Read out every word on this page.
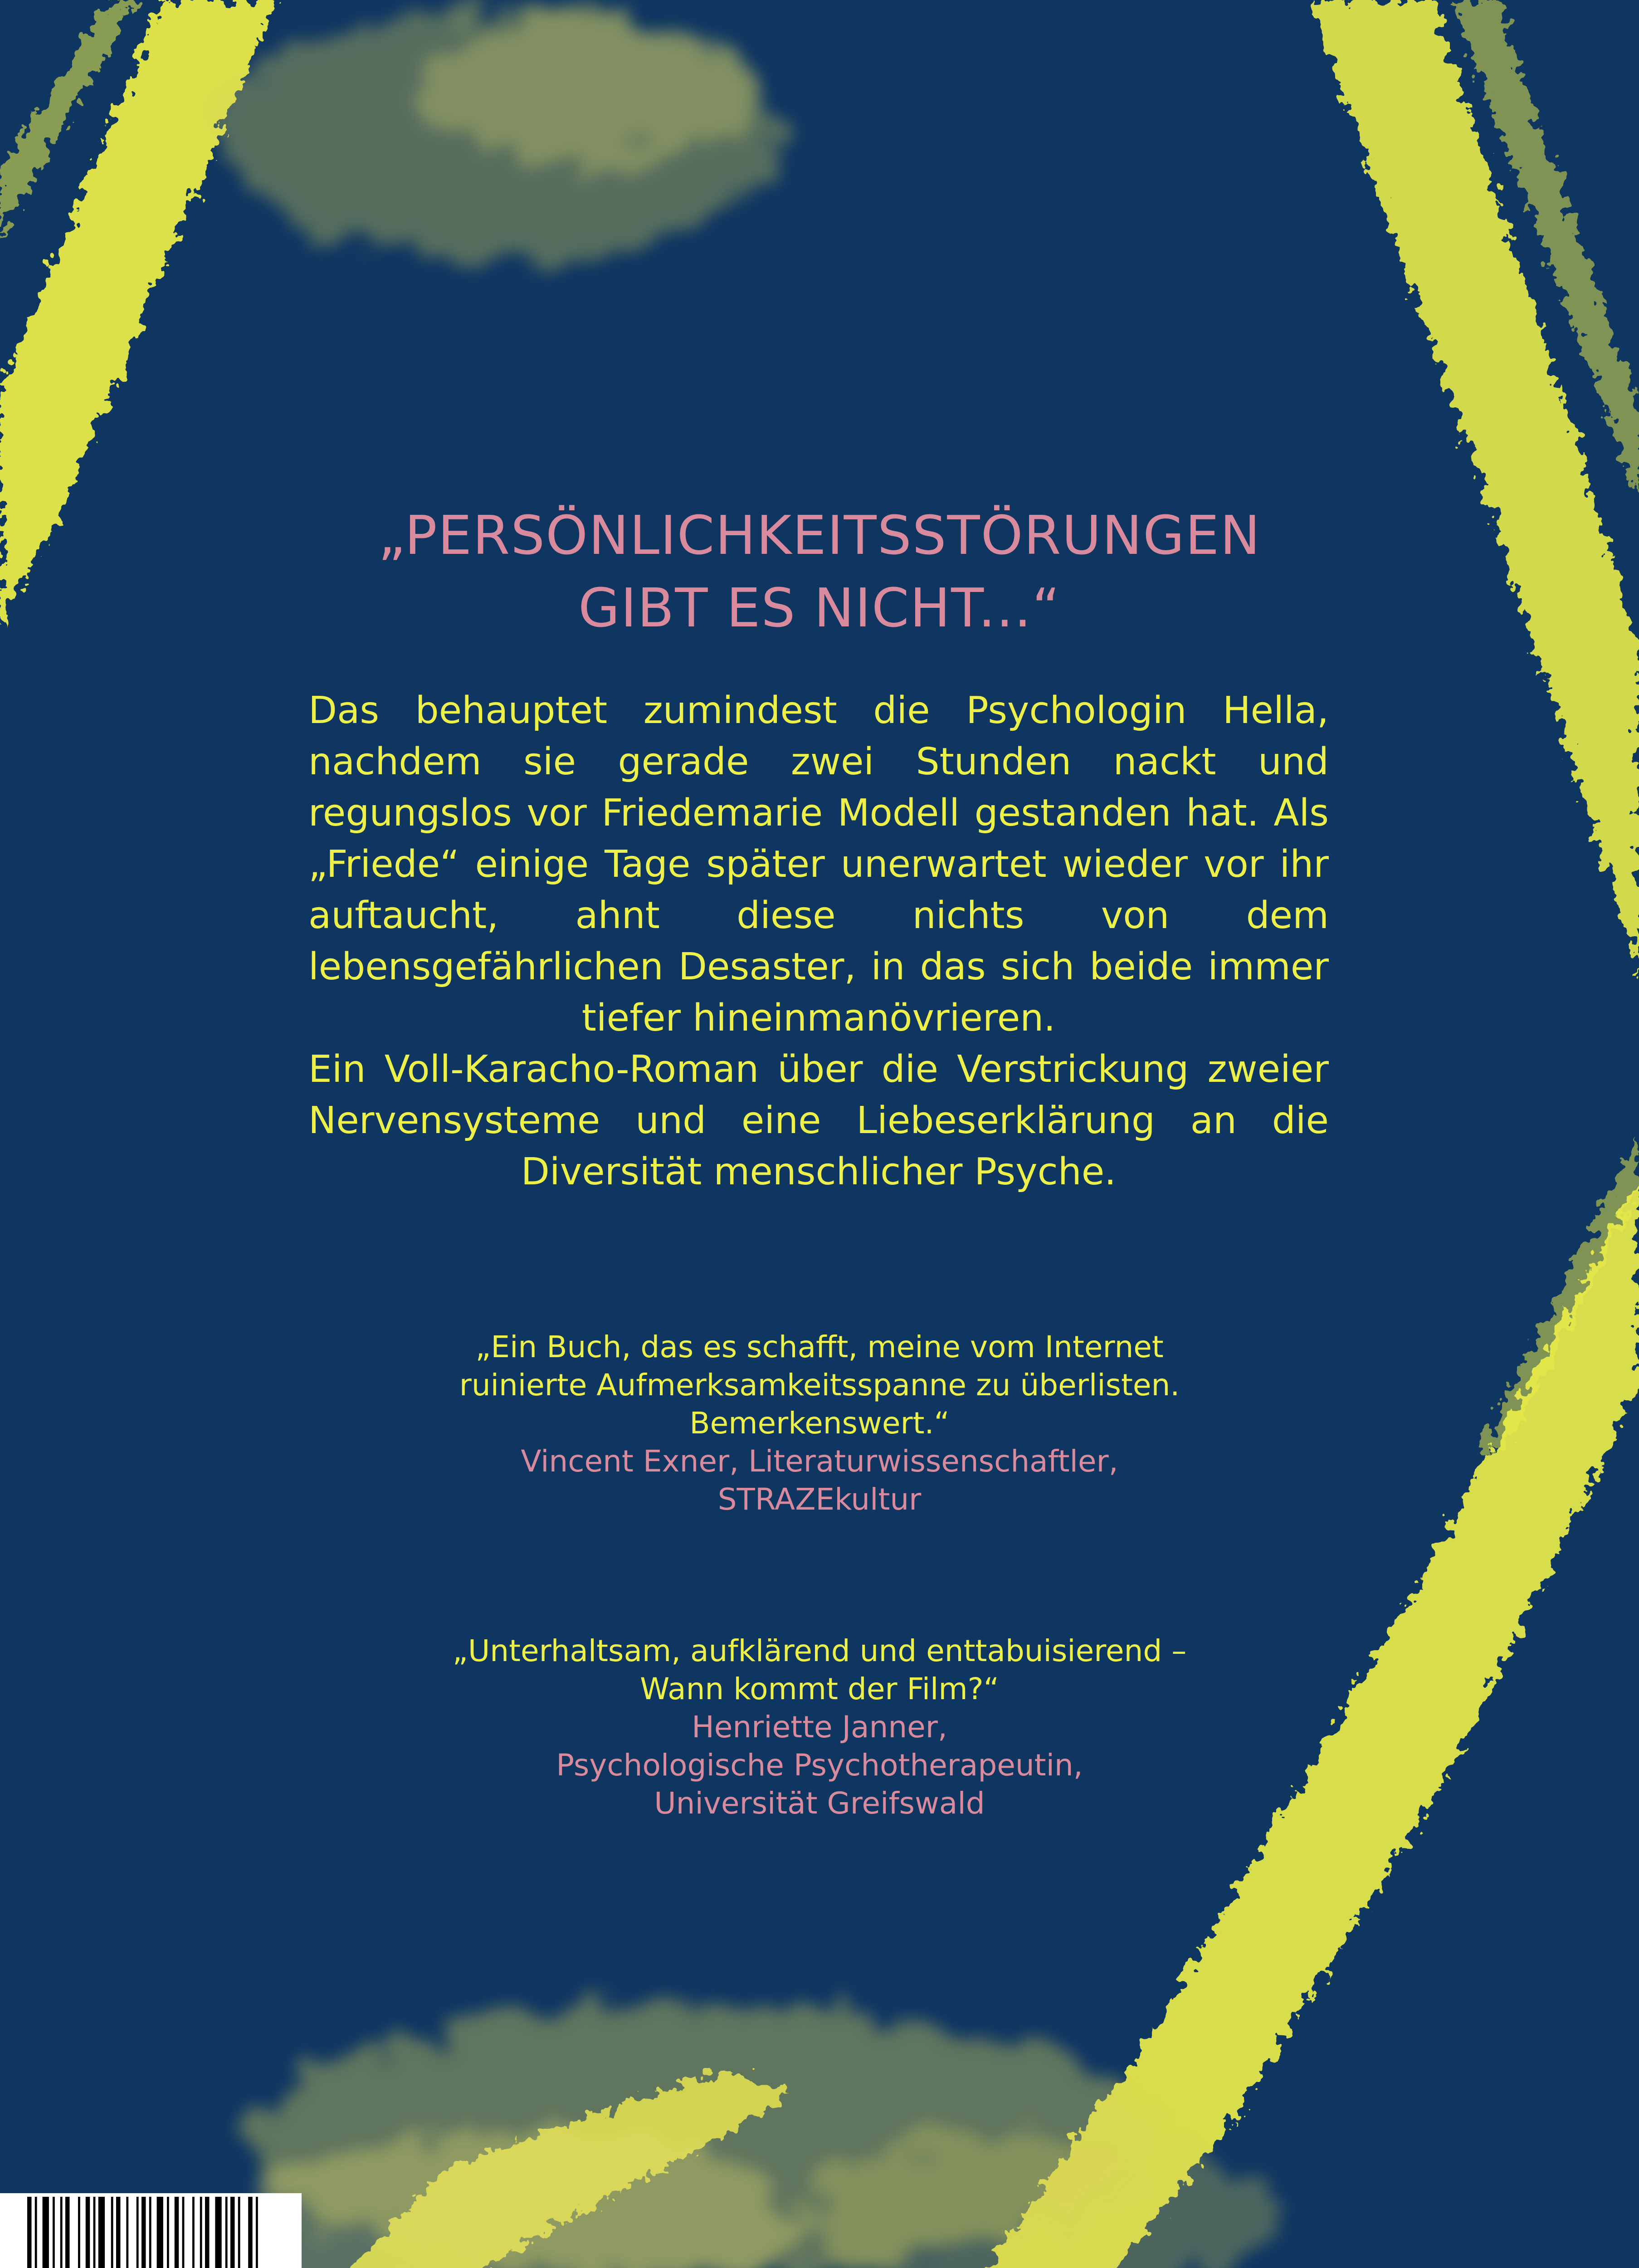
„PERSÖNLICHKEITSSTÖRUNGEN
GIBT ES NICHT...“

Das behauptet zumindest die Psychologin Hella, nachdem sie gerade zwei Stunden nackt und regungslos vor Friedemarie Modell gestanden hat. Als „Friede“ einige Tage später unerwartet wieder vor ihr auftaucht, ahnt diese nichts von dem lebensgefährlichen Desaster, in das sich beide immer tiefer hineinmanövrieren.

Ein Voll-Karacho-Roman über die Verstrickung zweier Nervensysteme und eine Liebeserklärung an die Diversität menschlicher Psyche.

„Ein Buch, das es schafft, meine vom Internet
ruinierte Aufmerksamkeitsspanne zu überlisten.
Bemerkenswert.“
Vincent Exner, Literaturwissenschaftler,
STRAZEkultur
„Unterhaltsam, aufklärend und enttabuisierend –
Wann kommt der Film?“
Henriette Janner,
Psychologische Psychotherapeutin,
Universität Greifswald
